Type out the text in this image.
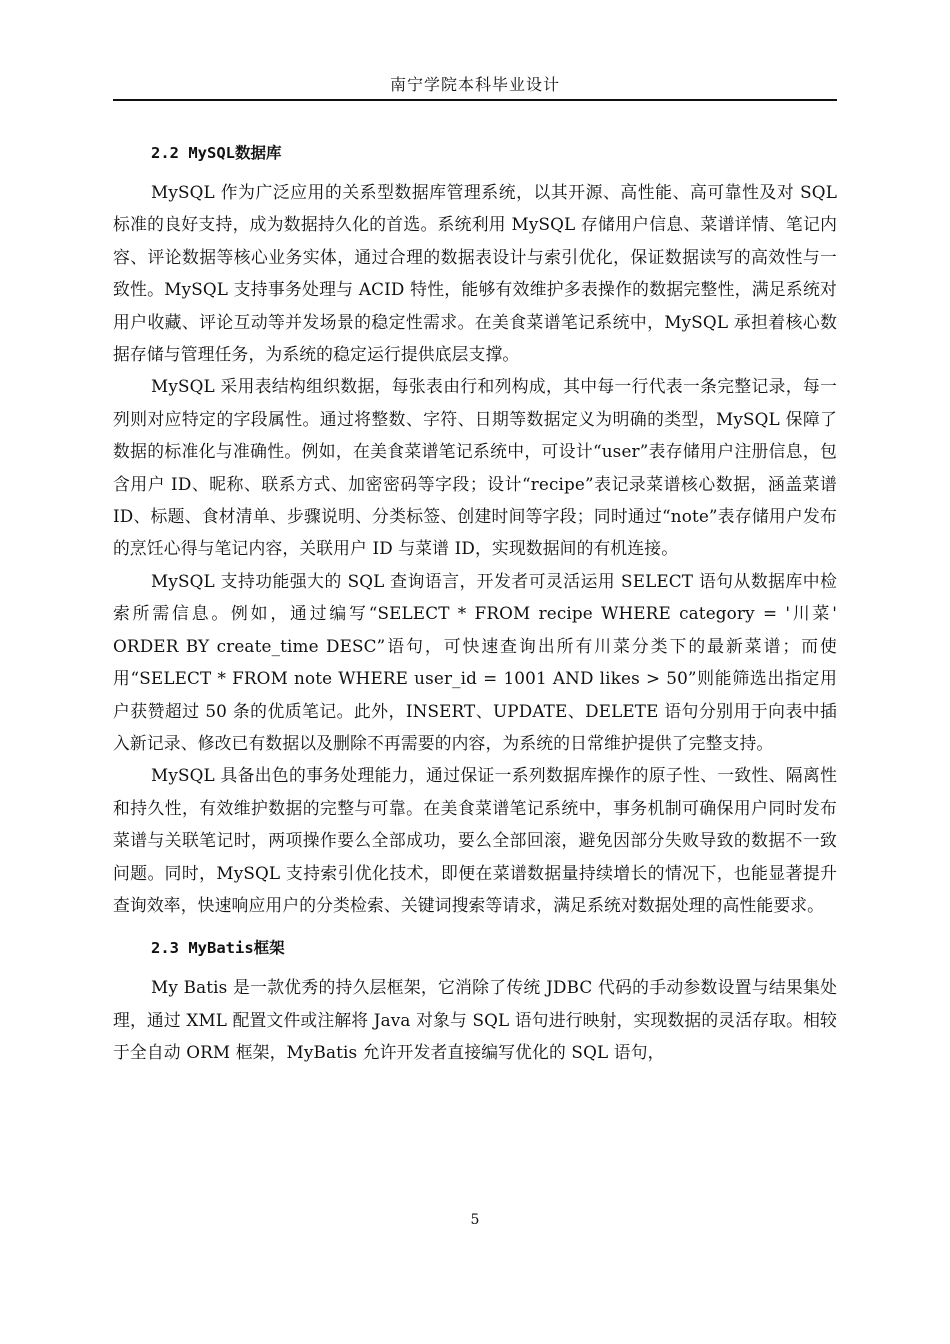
南宁学院本科毕业设计
2.2 MySQL数据库

MySQL 作为广泛应用的关系型数据库管理系统，以其开源、高性能、高可靠性及对 SQL 标准的良好支持，成为数据持久化的首选。系统利用 MySQL 存储用户信息、菜谱详情、笔记内容、评论数据等核心业务实体，通过合理的数据表设计与索引优化，保证数据读写的高效性与一致性。MySQL 支持事务处理与 ACID 特性，能够有效维护多表操作的数据完整性，满足系统对用户收藏、评论互动等并发场景的稳定性需求。在美食菜谱笔记系统中，MySQL 承担着核心数据存储与管理任务，为系统的稳定运行提供底层支撑。

MySQL 采用表结构组织数据，每张表由行和列构成，其中每一行代表一条完整记录，每一列则对应特定的字段属性。通过将整数、字符、日期等数据定义为明确的类型，MySQL 保障了数据的标准化与准确性。例如，在美食菜谱笔记系统中，可设计“user”表存储用户注册信息，包含用户 ID、昵称、联系方式、加密密码等字段；设计“recipe”表记录菜谱核心数据，涵盖菜谱 ID、标题、食材清单、步骤说明、分类标签、创建时间等字段；同时通过“note”表存储用户发布的烹饪心得与笔记内容，关联用户 ID 与菜谱 ID，实现数据间的有机连接。

MySQL 支持功能强大的 SQL 查询语言，开发者可灵活运用 SELECT 语句从数据库中检索所需信息。例如，通过编写“SELECT * FROM recipe WHERE category = '川菜' ORDER BY create_time DESC”语句，可快速查询出所有川菜分类下的最新菜谱；而使用“SELECT * FROM note WHERE user_id = 1001 AND likes > 50”则能筛选出指定用户获赞超过 50 条的优质笔记。此外，INSERT、UPDATE、DELETE 语句分别用于向表中插入新记录、修改已有数据以及删除不再需要的内容，为系统的日常维护提供了完整支持。

MySQL 具备出色的事务处理能力，通过保证一系列数据库操作的原子性、一致性、隔离性和持久性，有效维护数据的完整与可靠。在美食菜谱笔记系统中，事务机制可确保用户同时发布菜谱与关联笔记时，两项操作要么全部成功，要么全部回滚，避免因部分失败导致的数据不一致问题。同时，MySQL 支持索引优化技术，即便在菜谱数据量持续增长的情况下，也能显著提升查询效率，快速响应用户的分类检索、关键词搜索等请求，满足系统对数据处理的高性能要求。

2.3 MyBatis框架

My Batis 是一款优秀的持久层框架，它消除了传统 JDBC 代码的手动参数设置与结果集处理，通过 XML 配置文件或注解将 Java 对象与 SQL 语句进行映射，实现数据的灵活存取。相较于全自动 ORM 框架，MyBatis 允许开发者直接编写优化的 SQL 语句，

5
